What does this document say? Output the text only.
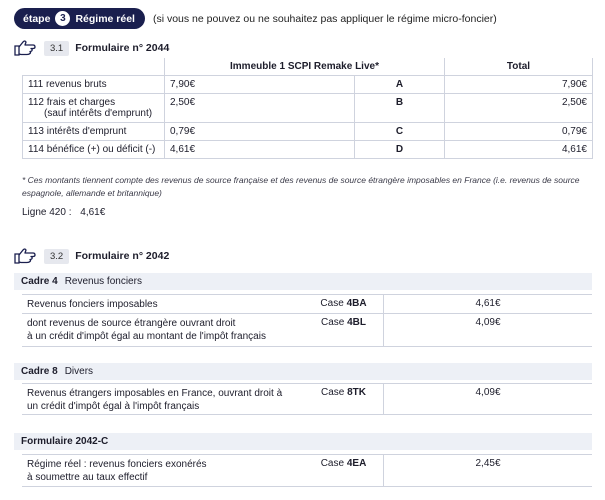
étape 3 Régime réel (si vous ne pouvez ou ne souhaitez pas appliquer le régime micro-foncier)
3.1	Formulaire n° 2044
	Immeuble 1 SCPI Remake Live*		Total
111 revenus bruts	7,90€	A	7,90€
112 frais et charges
(sauf intérêts d'emprunt)	2,50€	B	2,50€
113 intérêts d'emprunt	0,79€	C	0,79€
114 bénéfice (+) ou déficit (-)	4,61€	D	4,61€
* Ces montants tiennent compte des revenus de source française et des revenus de source étrangère imposables en France (i.e. revenus de source espagnole, allemande et britannique)
Ligne 420 : 4,61€
3.2	Formulaire n° 2042
Cadre 4 Revenus fonciers
Revenus fonciers imposables	Case 4BA	4,61€
dont revenus de source étrangère ouvrant droit
à un crédit d'impôt égal au montant de l'impôt français
Case 4BL	4,09€
Cadre 8 Divers
Revenus étrangers imposables en France, ouvrant droit à
un crédit d'impôt égal à l'impôt français
Case 8TK	4,09€
Formulaire 2042-C
Régime réel : revenus fonciers exonérés
à soumettre au taux effectif
Case 4EA	2,45€
